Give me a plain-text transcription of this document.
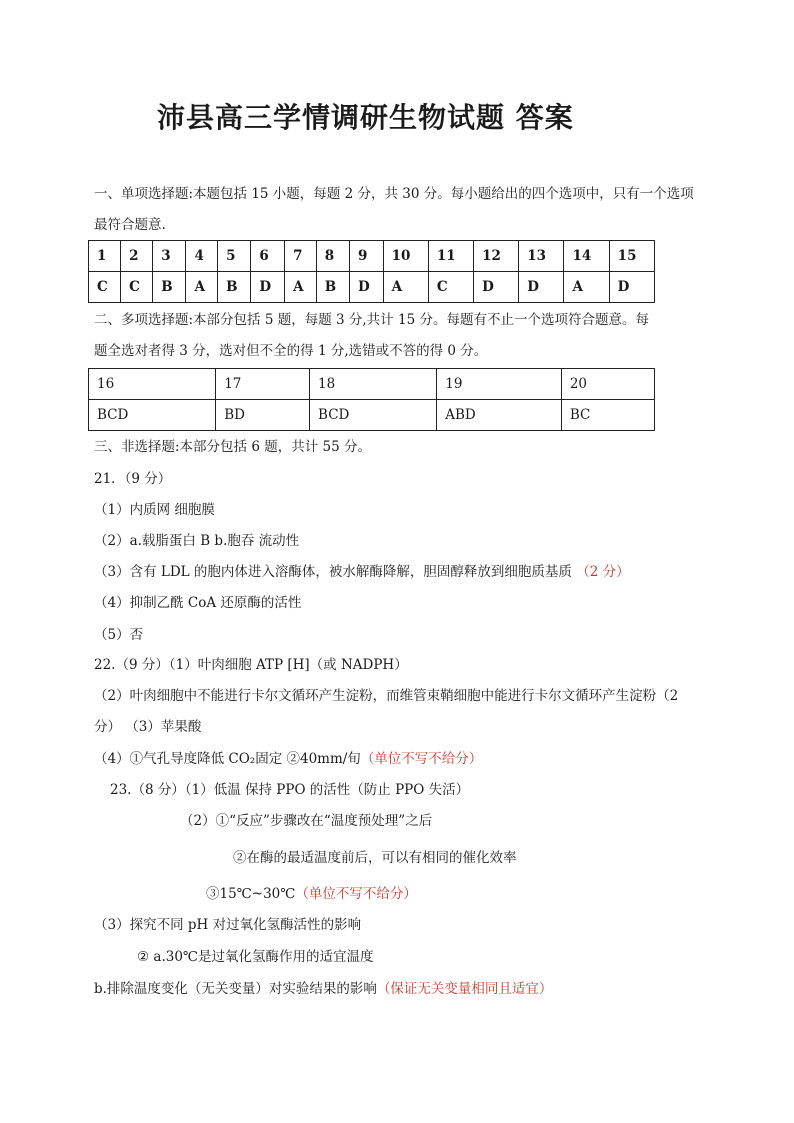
沛县高三学情调研生物试题 答案
一、单项选择题:本题包括 15 小题，每题 2 分，共 30 分。每小题给出的四个选项中，只有一个选项
最符合题意.
1	2	3	4	5	6	7	8	9	10	11	12	13	14	15
C	C	B	A	B	D	A	B	D	A	C	D	D	A	D
二、多项选择题:本部分包括 5 题，每题 3 分,共计 15 分。每题有不止一个选项符合题意。每
题全选对者得 3 分，选对但不全的得 1 分,选错或不答的得 0 分。
16	17	18	19	20
BCD	BD	BCD	ABD	BC
三、非选择题:本部分包括 6 题，共计 55 分。
21．（9 分）
（1）内质网 细胞膜
（2）a.载脂蛋白 B b.胞吞 流动性
（3）含有 LDL 的胞内体进入溶酶体，被水解酶降解，胆固醇释放到细胞质基质 （2 分）
（4）抑制乙酰 CoA 还原酶的活性
（5）否
22.（9 分）（1）叶肉细胞 ATP [H]（或 NADPH）
（2）叶肉细胞中不能进行卡尔文循环产生淀粉，而维管束鞘细胞中能进行卡尔文循环产生淀粉（2
分） （3）苹果酸
（4）①气孔导度降低 CO₂固定 ②40mm/旬（单位不写不给分）
23.（8 分）（1）低温 保持 PPO 的活性（防止 PPO 失活）
（2）①“反应”步骤改在“温度预处理”之后
②在酶的最适温度前后，可以有相同的催化效率
③15℃~30℃（单位不写不给分）
（3）探究不同 pH 对过氧化氢酶活性的影响
② a.30℃是过氧化氢酶作用的适宜温度
b.排除温度变化（无关变量）对实验结果的影响（保证无关变量相同且适宜）
